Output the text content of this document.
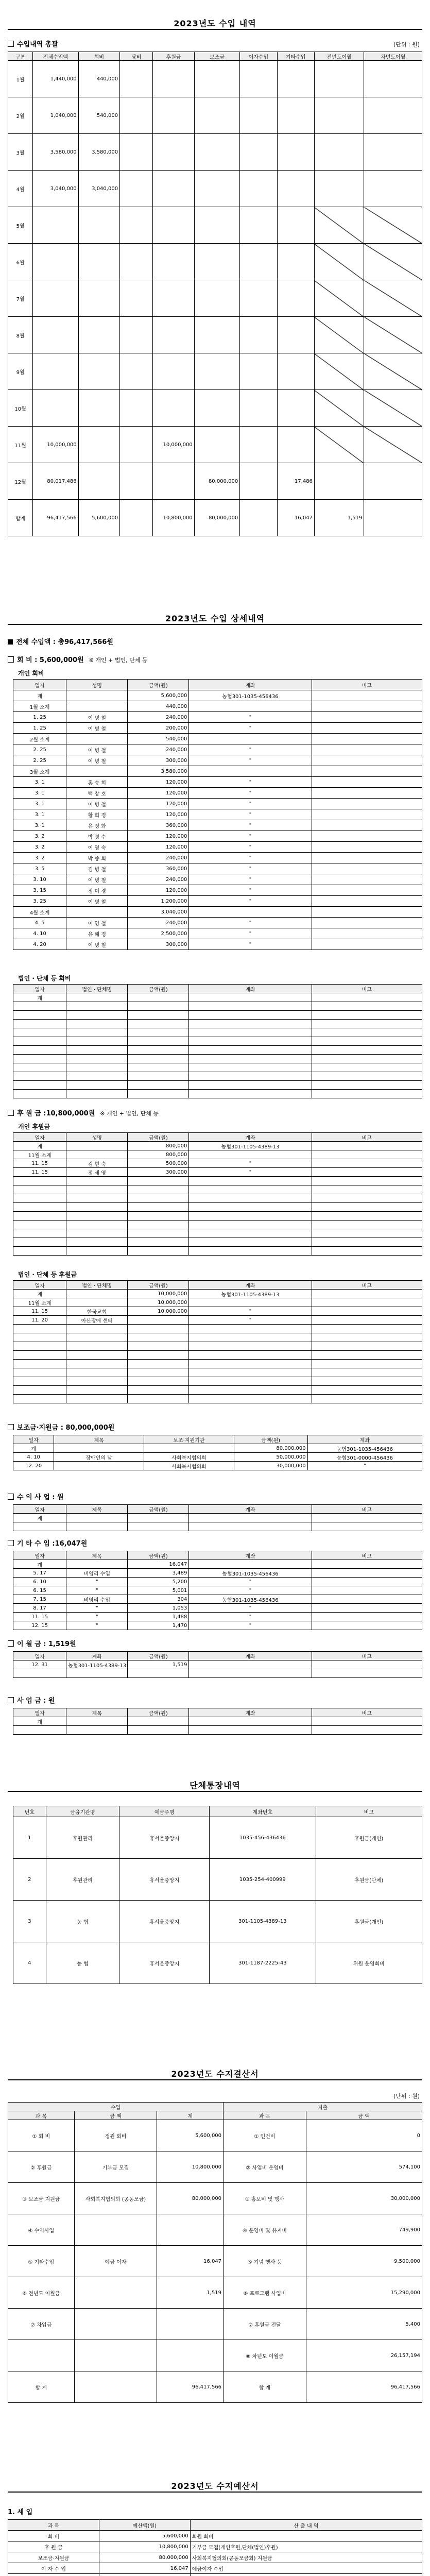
2023년도 수입 내역
수입내역 총괄	(단위 : 원)
구분	전체수입액	회비	당비	후원금	보조금	이자수입	기타수입	전년도이월	차년도이월
1월	1,440,000	440,000							
2월	1,040,000	540,000							
3월	3,580,000	3,580,000							
4월	3,040,000	3,040,000							
5월									
6월									
7월									
8월									
9월									
10월									
11월	10,000,000			10,000,000					
12월	80,017,486				80,000,000		17,486		
합계	96,417,566	5,600,000		10,800,000	80,000,000		16,047	1,519	
2023년도 수입 상세내역
전체 수입액 : 총96,417,566원
회 비 : 5,600,000원 ※ 개인 + 법인, 단체 등
개인 회비
일자	성명	금액(원)	계좌	비고
계		5,600,000	농협301-1035-456436	
1월 소계		440,000		
1. 25	이 병 철	240,000	"	
1. 25	이 병 철	200,000	"	
2월 소계		540,000		
2. 25	이 병 철	240,000	"	
2. 25	이 병 철	300,000	"	
3월 소계		3,580,000		
3. 1	홍 승 희	120,000	"	
3. 1	백 창 호	120,000	"	
3. 1	이 병 철	120,000	"	
3. 1	황 희 경	120,000	"	
3. 1	유 정 화	360,000	"	
3. 2	박 경 수	120,000	"	
3. 2	이 영 숙	120,000	"	
3. 2	박 종 희	240,000	"	
3. 5	김 병 철	360,000	"	
3. 10	이 병 철	240,000	"	
3. 15	정 미 경	120,000	"	
3. 25	이 병 철	1,200,000	"	
4월 소계		3,040,000		
4. 5	이 영 철	240,000	"	
4. 10	유 혜 경	2,500,000	"	
4. 20	이 병 철	300,000	"	
법인 · 단체 등 회비
일자	법인 · 단체명	금액(원)	계좌	비고
계				

후 원 금 :10,800,000원 ※ 개인 + 법인, 단체 등
개인 후원금
일자	성명	금액(원)	계좌	비고
계		800,000	농협301-1105-4389-13	
11월 소계		800,000		
11. 15	김 현 숙	500,000	"	
11. 15	정 세 영	300,000	"	

법인 · 단체 등 후원금
일자	법인 · 단체명	금액(원)	계좌	비고
계		10,000,000	농협301-1105-4389-13	
11월 소계		10,000,000		
11. 15	한국교회	10,000,000	"	
11. 20	아산장애 센터		"	

보조금·지원금 : 80,000,000원
일자	제목	보조·지원기관	금액(원)	계좌
계			80,000,000	농협301-1035-456436
4. 10	장애인의 날	사회복지협의회	50,000,000	농협301-0000-456436
12. 20		사회복지협의회	30,000,000	"
수 익 사 업 : 원
일자	제목	금액(원)	계좌	비고
계				

기 타 수 입 :16,047원
일자	제목	금액(원)	계좌	비고
계		16,047		
5. 17	비영리 수입	3,489	농협301-1035-456436	
6. 10	"	5,200	"	
6. 15	"	5,001	"	
7. 15	비영리 수입	304	농협301-1035-456436	
8. 17	"	1,053	"	
11. 15	"	1,488	"	
12. 15	"	1,470	"	
이 월 금 : 1,519원
일자	계좌	금액(원)	계좌	비고
12. 31	농협301-1105-4389-13	1,519		

사 업 금 : 원
일자	제목	금액(원)	계좌	비고
계				

단체통장내역
번호	금융기관명	예금주명	계좌번호	비고
1	후원관리	휴서울중앙지	1035-456-436436	후원금(개인)
2	후원관리	휴서울중앙지	1035-254-400999	후원금(단체)
3	농 협	휴서울중앙지	301-1105-4389-13	후원금(개인)
4	농 협	휴서울중앙지	301-1187-2225-43	위원 운영회비
2023년도 수지결산서
(단위 : 원)
수입			지출	
과 목	금 액	계	과 목	금 액
① 회 비	정원 회비	5,600,000	① 인건비	0
② 후원금	기부금 모집	10,800,000	② 사업비 운영비	574,100
③ 보조금 지원금	사회복지협의회 (공동모금)	80,000,000	③ 홍보비 및 행사	30,000,000
④ 수익사업			④ 운영비 및 유지비	749,900
⑤ 기타수입	예금 이자	16,047	⑤ 기념 행사 등	9,500,000
⑥ 전년도 이월금		1,519	⑥ 프로그램 사업비	15,290,000
⑦ 차입금			⑦ 후원금 전달	5,400
			⑧ 차년도 이월금	26,157,194
합 계		96,417,566	합 계	96,417,566
2023년도 수지예산서
1. 세 입
과 목	예산액(원)	산 출 내 역
회 비	5,600,000	회원 회비
후 원 금	10,800,000	기부금 모집(개인후원,단체(법인)후원)
보조금·지원금	80,000,000	사회복지협의회(공동모금회) 지원금
이 자 수 입	16,047	예금이자 수입
